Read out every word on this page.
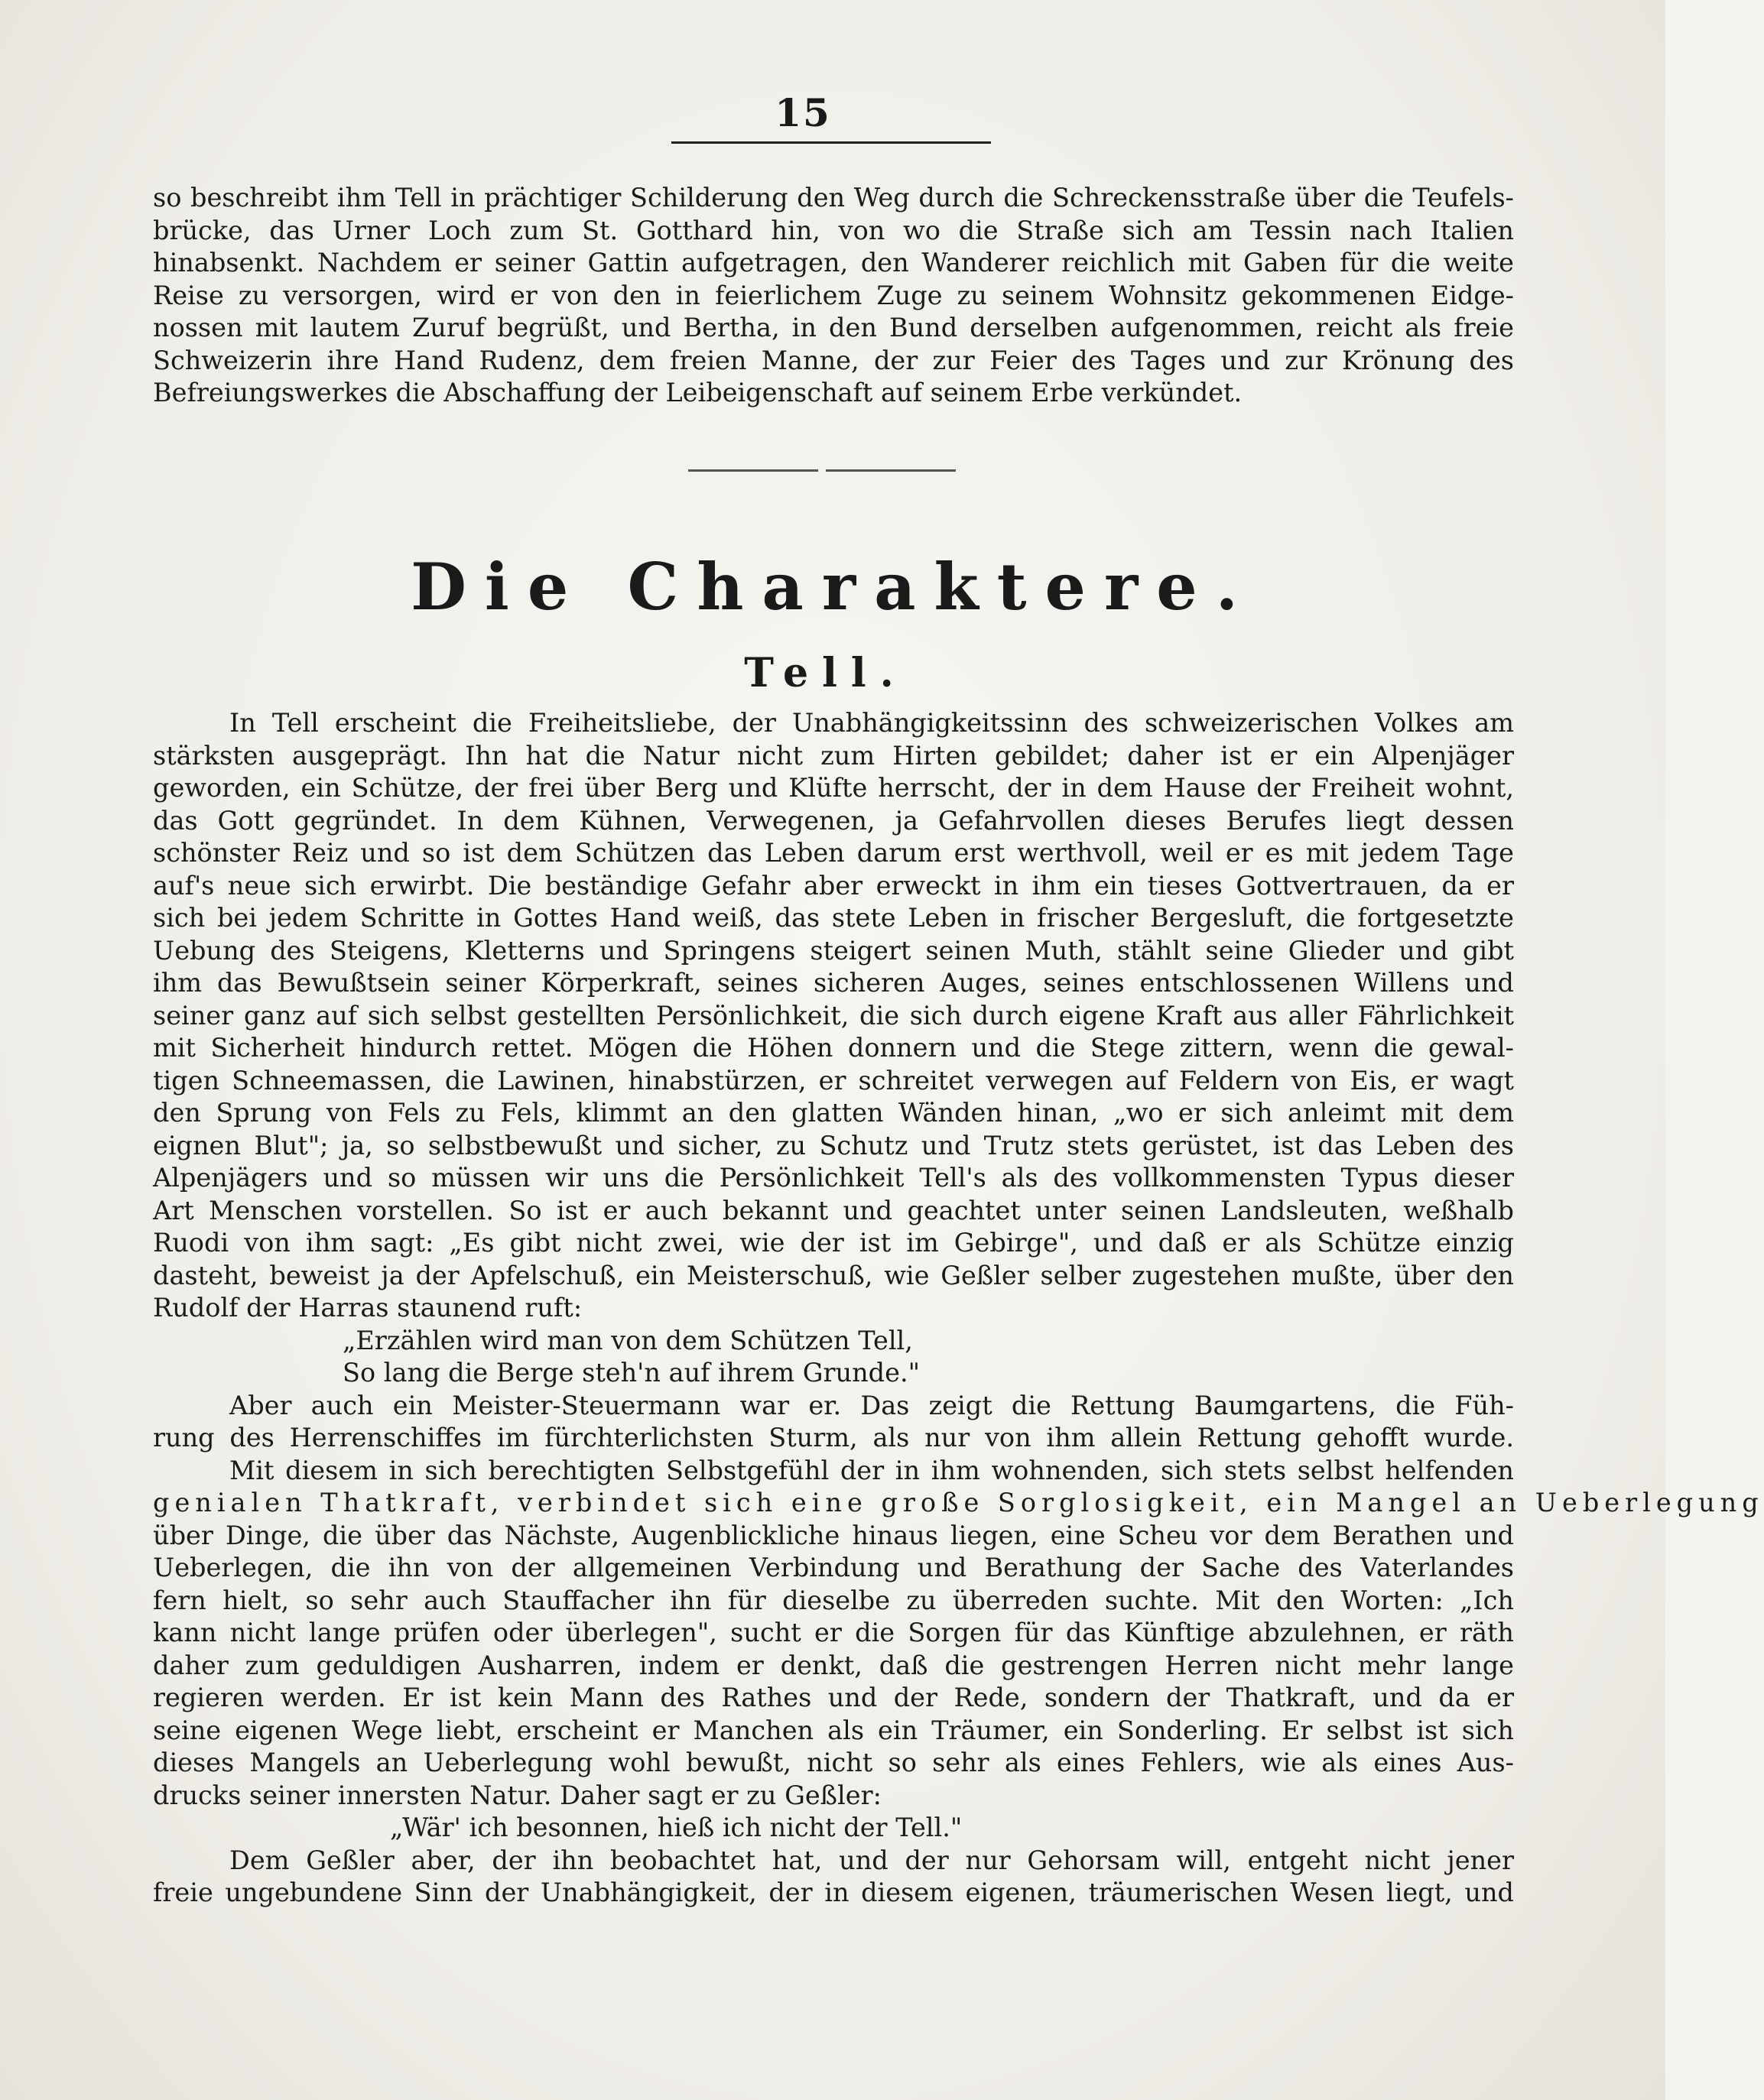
15
so beschreibt ihm Tell in prächtiger Schilderung den Weg durch die Schreckensstraße über die Teufels-
brücke, das Urner Loch zum St. Gotthard hin, von wo die Straße sich am Tessin nach Italien
hinabsenkt. Nachdem er seiner Gattin aufgetragen, den Wanderer reichlich mit Gaben für die weite
Reise zu versorgen, wird er von den in feierlichem Zuge zu seinem Wohnsitz gekommenen Eidge-
nossen mit lautem Zuruf begrüßt, und Bertha, in den Bund derselben aufgenommen, reicht als freie
Schweizerin ihre Hand Rudenz, dem freien Manne, der zur Feier des Tages und zur Krönung des
Befreiungswerkes die Abschaffung der Leibeigenschaft auf seinem Erbe verkündet.
Die Charaktere.
Tell.
In Tell erscheint die Freiheitsliebe, der Unabhängigkeitssinn des schweizerischen Volkes am
stärksten ausgeprägt. Ihn hat die Natur nicht zum Hirten gebildet; daher ist er ein Alpenjäger
geworden, ein Schütze, der frei über Berg und Klüfte herrscht, der in dem Hause der Freiheit wohnt,
das Gott gegründet. In dem Kühnen, Verwegenen, ja Gefahrvollen dieses Berufes liegt dessen
schönster Reiz und so ist dem Schützen das Leben darum erst werthvoll, weil er es mit jedem Tage
auf's neue sich erwirbt. Die beständige Gefahr aber erweckt in ihm ein tieses Gottvertrauen, da er
sich bei jedem Schritte in Gottes Hand weiß, das stete Leben in frischer Bergesluft, die fortgesetzte
Uebung des Steigens, Kletterns und Springens steigert seinen Muth, stählt seine Glieder und gibt
ihm das Bewußtsein seiner Körperkraft, seines sicheren Auges, seines entschlossenen Willens und
seiner ganz auf sich selbst gestellten Persönlichkeit, die sich durch eigene Kraft aus aller Fährlichkeit
mit Sicherheit hindurch rettet. Mögen die Höhen donnern und die Stege zittern, wenn die gewal-
tigen Schneemassen, die Lawinen, hinabstürzen, er schreitet verwegen auf Feldern von Eis, er wagt
den Sprung von Fels zu Fels, klimmt an den glatten Wänden hinan, „wo er sich anleimt mit dem
eignen Blut"; ja, so selbstbewußt und sicher, zu Schutz und Trutz stets gerüstet, ist das Leben des
Alpenjägers und so müssen wir uns die Persönlichkeit Tell's als des vollkommensten Typus dieser
Art Menschen vorstellen. So ist er auch bekannt und geachtet unter seinen Landsleuten, weßhalb
Ruodi von ihm sagt: „Es gibt nicht zwei, wie der ist im Gebirge", und daß er als Schütze einzig
dasteht, beweist ja der Apfelschuß, ein Meisterschuß, wie Geßler selber zugestehen mußte, über den
Rudolf der Harras staunend ruft:
„Erzählen wird man von dem Schützen Tell,
So lang die Berge steh'n auf ihrem Grunde."
Aber auch ein Meister-Steuermann war er. Das zeigt die Rettung Baumgartens, die Füh-
rung des Herrenschiffes im fürchterlichsten Sturm, als nur von ihm allein Rettung gehofft wurde.
Mit diesem in sich berechtigten Selbstgefühl der in ihm wohnenden, sich stets selbst helfenden
genialen Thatkraft, verbindet sich eine große Sorglosigkeit, ein Mangel an Ueberlegung
über Dinge, die über das Nächste, Augenblickliche hinaus liegen, eine Scheu vor dem Berathen und
Ueberlegen, die ihn von der allgemeinen Verbindung und Berathung der Sache des Vaterlandes
fern hielt, so sehr auch Stauffacher ihn für dieselbe zu überreden suchte. Mit den Worten: „Ich
kann nicht lange prüfen oder überlegen", sucht er die Sorgen für das Künftige abzulehnen, er räth
daher zum geduldigen Ausharren, indem er denkt, daß die gestrengen Herren nicht mehr lange
regieren werden. Er ist kein Mann des Rathes und der Rede, sondern der Thatkraft, und da er
seine eigenen Wege liebt, erscheint er Manchen als ein Träumer, ein Sonderling. Er selbst ist sich
dieses Mangels an Ueberlegung wohl bewußt, nicht so sehr als eines Fehlers, wie als eines Aus-
drucks seiner innersten Natur. Daher sagt er zu Geßler:
„Wär' ich besonnen, hieß ich nicht der Tell."
Dem Geßler aber, der ihn beobachtet hat, und der nur Gehorsam will, entgeht nicht jener
freie ungebundene Sinn der Unabhängigkeit, der in diesem eigenen, träumerischen Wesen liegt, und
